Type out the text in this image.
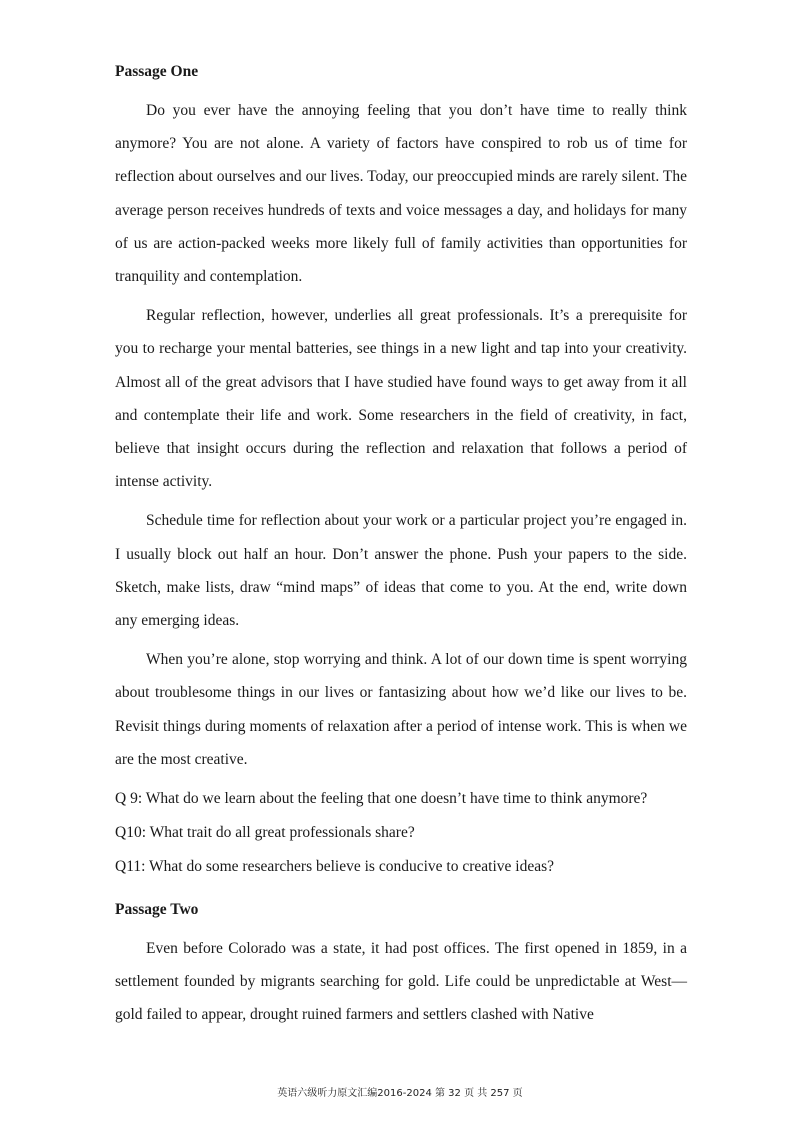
Passage One

Do you ever have the annoying feeling that you don’t have time to really think anymore? You are not alone. A variety of factors have conspired to rob us of time for reflection about ourselves and our lives. Today, our preoccupied minds are rarely silent. The average person receives hundreds of texts and voice messages a day, and holidays for many of us are action-packed weeks more likely full of family activities than opportunities for tranquility and contemplation.

Regular reflection, however, underlies all great professionals. It’s a prerequisite for you to recharge your mental batteries, see things in a new light and tap into your creativity. Almost all of the great advisors that I have studied have found ways to get away from it all and contemplate their life and work. Some researchers in the field of creativity, in fact, believe that insight occurs during the reflection and relaxation that follows a period of intense activity.

Schedule time for reflection about your work or a particular project you’re engaged in. I usually block out half an hour. Don’t answer the phone. Push your papers to the side. Sketch, make lists, draw “mind maps” of ideas that come to you. At the end, write down any emerging ideas.

When you’re alone, stop worrying and think. A lot of our down time is spent worrying about troublesome things in our lives or fantasizing about how we’d like our lives to be. Revisit things during moments of relaxation after a period of intense work. This is when we are the most creative.

Q 9: What do we learn about the feeling that one doesn’t have time to think anymore?

Q10: What trait do all great professionals share?

Q11: What do some researchers believe is conducive to creative ideas?

Passage Two

Even before Colorado was a state, it had post offices. The first opened in 1859, in a settlement founded by migrants searching for gold. Life could be unpredictable at West—gold failed to appear, drought ruined farmers and settlers clashed with Native

英语六级听力原文汇编2016-2024 第 32 页 共 257 页
